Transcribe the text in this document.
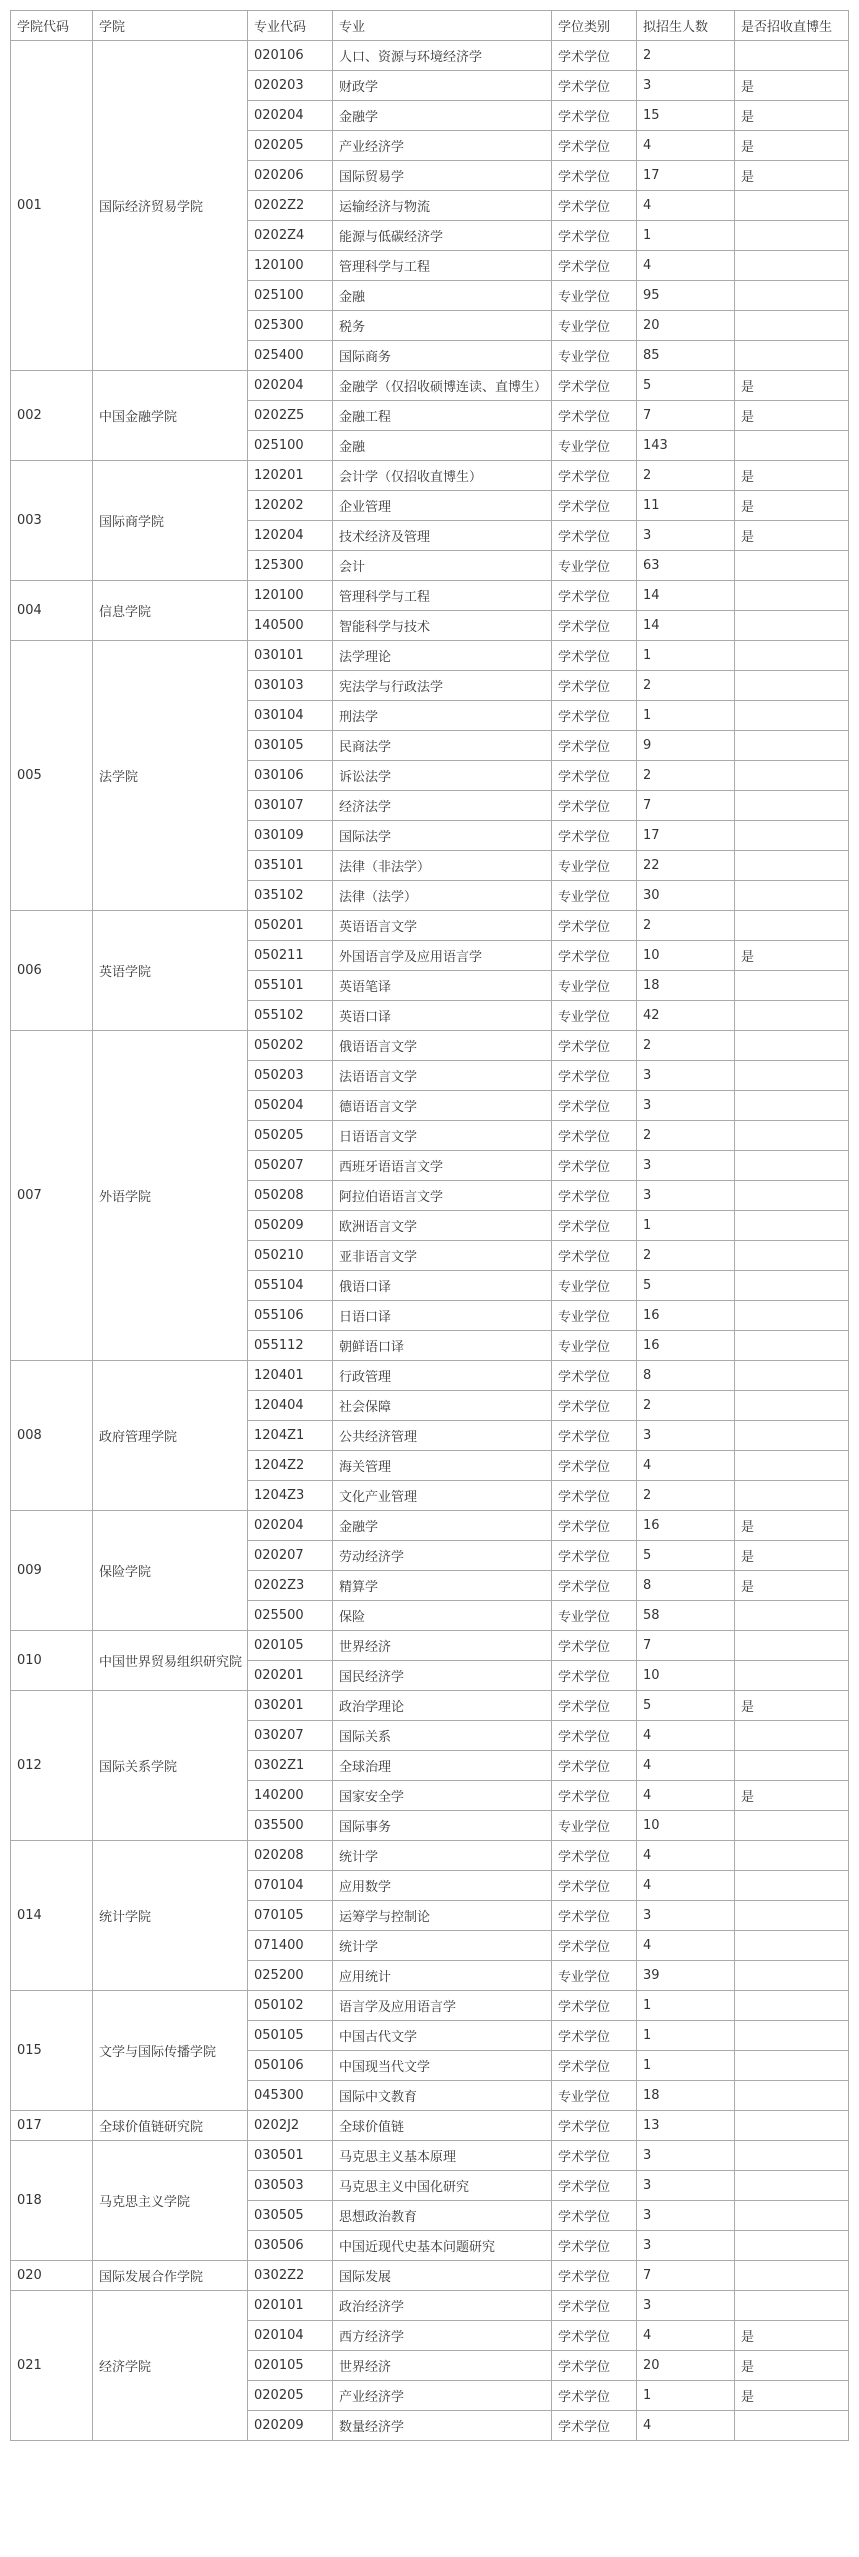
学院代码	学院	专业代码	专业	学位类别	拟招生人数	是否招收直博生
001	国际经济贸易学院	020106	人口、资源与环境经济学	学术学位	2	
		020203	财政学	学术学位	3	是
		020204	金融学	学术学位	15	是
		020205	产业经济学	学术学位	4	是
		020206	国际贸易学	学术学位	17	是
		0202Z2	运输经济与物流	学术学位	4	
		0202Z4	能源与低碳经济学	学术学位	1	
		120100	管理科学与工程	学术学位	4	
		025100	金融	专业学位	95	
		025300	税务	专业学位	20	
		025400	国际商务	专业学位	85	
002	中国金融学院	020204	金融学（仅招收硕博连读、直博生）	学术学位	5	是
		0202Z5	金融工程	学术学位	7	是
		025100	金融	专业学位	143	
003	国际商学院	120201	会计学（仅招收直博生）	学术学位	2	是
		120202	企业管理	学术学位	11	是
		120204	技术经济及管理	学术学位	3	是
		125300	会计	专业学位	63	
004	信息学院	120100	管理科学与工程	学术学位	14	
		140500	智能科学与技术	学术学位	14	
005	法学院	030101	法学理论	学术学位	1	
		030103	宪法学与行政法学	学术学位	2	
		030104	刑法学	学术学位	1	
		030105	民商法学	学术学位	9	
		030106	诉讼法学	学术学位	2	
		030107	经济法学	学术学位	7	
		030109	国际法学	学术学位	17	
		035101	法律（非法学）	专业学位	22	
		035102	法律（法学）	专业学位	30	
006	英语学院	050201	英语语言文学	学术学位	2	
		050211	外国语言学及应用语言学	学术学位	10	是
		055101	英语笔译	专业学位	18	
		055102	英语口译	专业学位	42	
007	外语学院	050202	俄语语言文学	学术学位	2	
		050203	法语语言文学	学术学位	3	
		050204	德语语言文学	学术学位	3	
		050205	日语语言文学	学术学位	2	
		050207	西班牙语语言文学	学术学位	3	
		050208	阿拉伯语语言文学	学术学位	3	
		050209	欧洲语言文学	学术学位	1	
		050210	亚非语言文学	学术学位	2	
		055104	俄语口译	专业学位	5	
		055106	日语口译	专业学位	16	
		055112	朝鲜语口译	专业学位	16	
008	政府管理学院	120401	行政管理	学术学位	8	
		120404	社会保障	学术学位	2	
		1204Z1	公共经济管理	学术学位	3	
		1204Z2	海关管理	学术学位	4	
		1204Z3	文化产业管理	学术学位	2	
009	保险学院	020204	金融学	学术学位	16	是
		020207	劳动经济学	学术学位	5	是
		0202Z3	精算学	学术学位	8	是
		025500	保险	专业学位	58	
010	中国世界贸易组织研究院	020105	世界经济	学术学位	7	
		020201	国民经济学	学术学位	10	
012	国际关系学院	030201	政治学理论	学术学位	5	是
		030207	国际关系	学术学位	4	
		0302Z1	全球治理	学术学位	4	
		140200	国家安全学	学术学位	4	是
		035500	国际事务	专业学位	10	
014	统计学院	020208	统计学	学术学位	4	
		070104	应用数学	学术学位	4	
		070105	运筹学与控制论	学术学位	3	
		071400	统计学	学术学位	4	
		025200	应用统计	专业学位	39	
015	文学与国际传播学院	050102	语言学及应用语言学	学术学位	1	
		050105	中国古代文学	学术学位	1	
		050106	中国现当代文学	学术学位	1	
		045300	国际中文教育	专业学位	18	
017	全球价值链研究院	0202J2	全球价值链	学术学位	13	
018	马克思主义学院	030501	马克思主义基本原理	学术学位	3	
		030503	马克思主义中国化研究	学术学位	3	
		030505	思想政治教育	学术学位	3	
		030506	中国近现代史基本问题研究	学术学位	3	
020	国际发展合作学院	0302Z2	国际发展	学术学位	7	
021	经济学院	020101	政治经济学	学术学位	3	
		020104	西方经济学	学术学位	4	是
		020105	世界经济	学术学位	20	是
		020205	产业经济学	学术学位	1	是
		020209	数量经济学	学术学位	4	
